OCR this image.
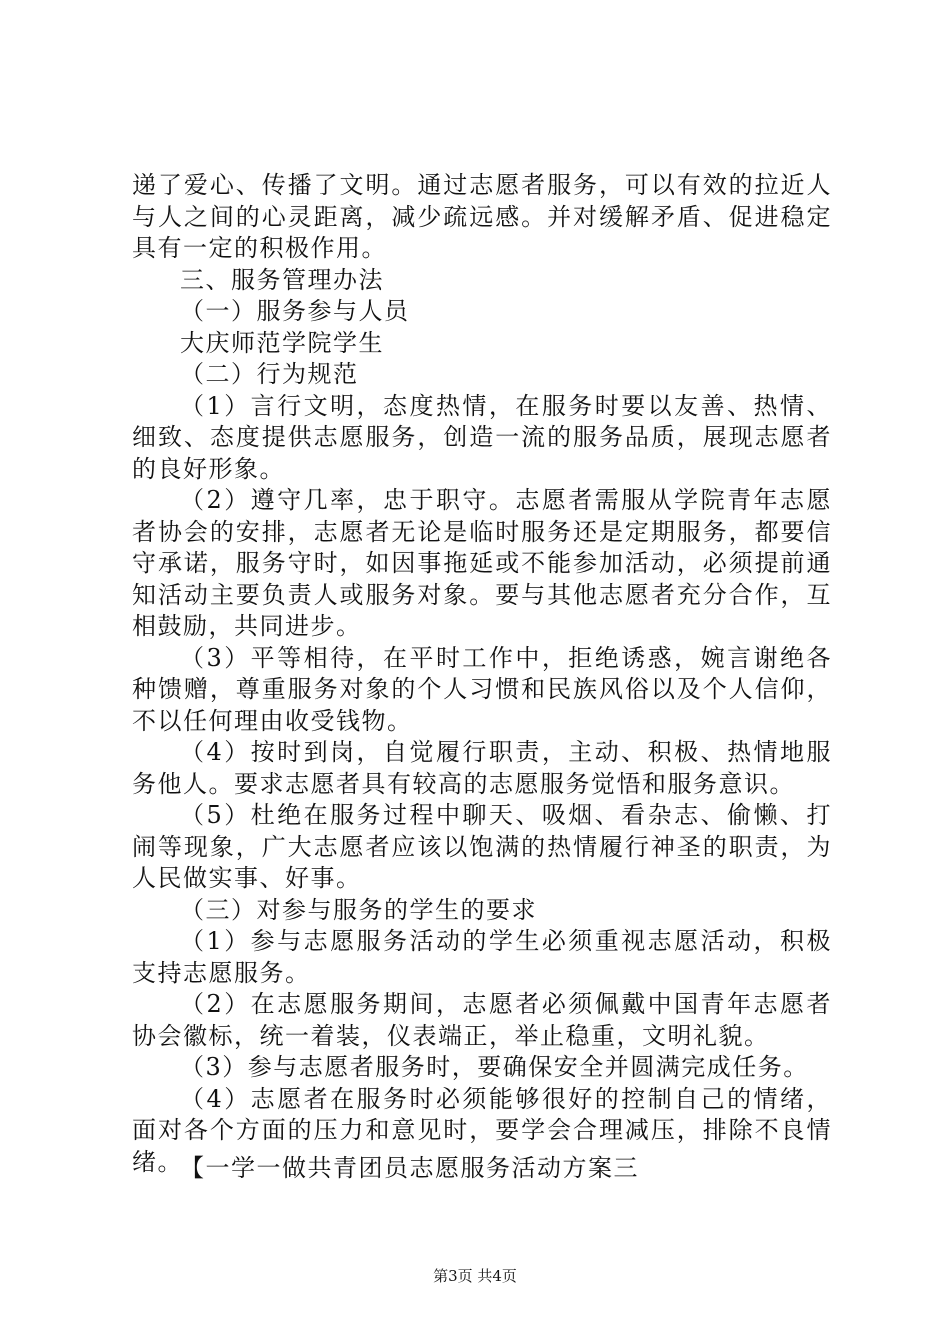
递了爱心、传播了文明。通过志愿者服务，可以有效的拉近人与人之间的心灵距离，减少疏远感。并对缓解矛盾、促进稳定具有一定的积极作用。

三、服务管理办法

（一）服务参与人员

大庆师范学院学生

（二）行为规范

（1）言行文明，态度热情，在服务时要以友善、热情、细致、态度提供志愿服务，创造一流的服务品质，展现志愿者的良好形象。

（2）遵守几率，忠于职守。志愿者需服从学院青年志愿者协会的安排，志愿者无论是临时服务还是定期服务，都要信守承诺，服务守时，如因事拖延或不能参加活动，必须提前通知活动主要负责人或服务对象。要与其他志愿者充分合作，互相鼓励，共同进步。

（3）平等相待，在平时工作中，拒绝诱惑，婉言谢绝各种馈赠，尊重服务对象的个人习惯和民族风俗以及个人信仰，不以任何理由收受钱物。

（4）按时到岗，自觉履行职责，主动、积极、热情地服务他人。要求志愿者具有较高的志愿服务觉悟和服务意识。

（5）杜绝在服务过程中聊天、吸烟、看杂志、偷懒、打闹等现象，广大志愿者应该以饱满的热情履行神圣的职责，为人民做实事、好事。

（三）对参与服务的学生的要求

（1）参与志愿服务活动的学生必须重视志愿活动，积极支持志愿服务。

（2）在志愿服务期间，志愿者必须佩戴中国青年志愿者协会徽标，统一着装，仪表端正，举止稳重，文明礼貌。

（3）参与志愿者服务时，要确保安全并圆满完成任务。

（4）志愿者在服务时必须能够很好的控制自己的情绪，面对各个方面的压力和意见时，要学会合理减压，排除不良情绪。

【一学一做共青团员志愿服务活动方案三

第3页 共4页
